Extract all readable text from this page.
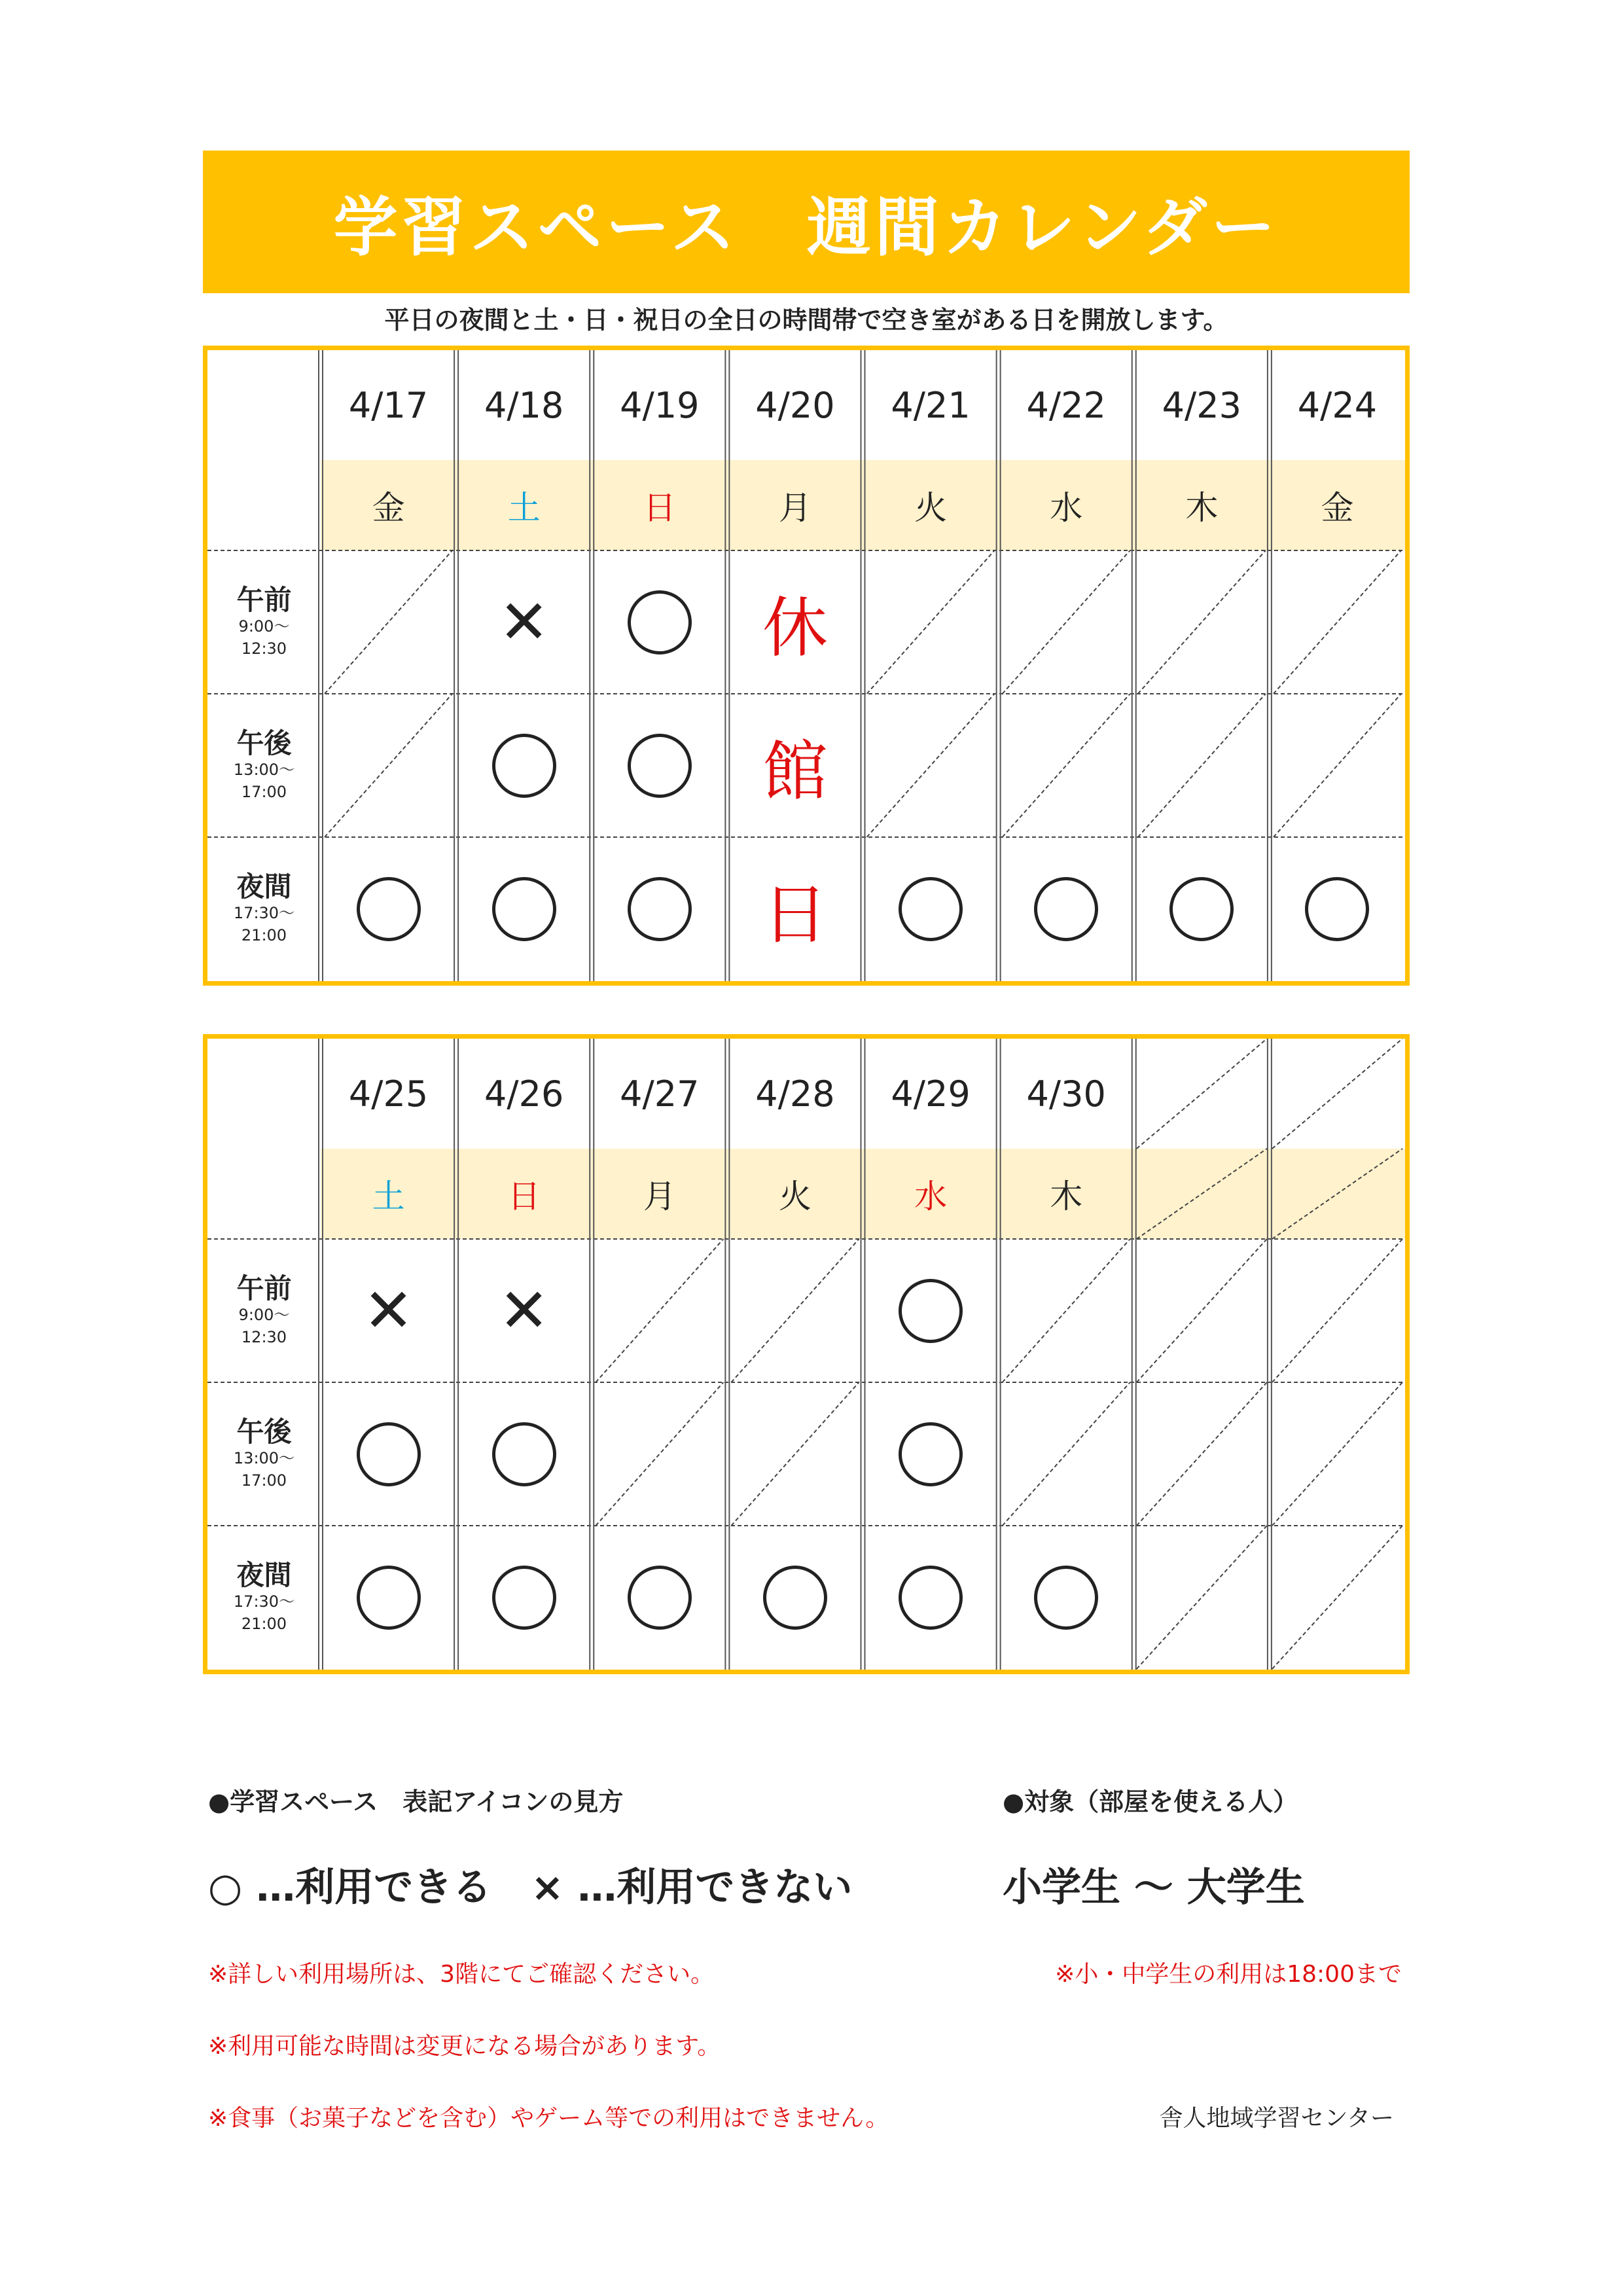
学習スペース　週間カレンダー
平日の夜間と土・日・祝日の全日の時間帯で空き室がある日を開放します。
午前
9:00～
12:30
午後
13:00～
17:00
夜間
17:30～
21:00
4/17
金
4/18
土
✕
4/19
日
4/20
月
休
館
日
4/21
火
4/22
水
4/23
木
4/24
金
午前
9:00～
12:30
午後
13:00～
17:00
夜間
17:30～
21:00
4/25
土
✕
4/26
日
✕
4/27
月
4/28
火
4/29
水
4/30
木
●学習スペース　表記アイコンの見方
○ …利用できる　× …利用できない
●対象（部屋を使える人）
小学生 ～ 大学生
※詳しい利用場所は、3階にてご確認ください。	※小・中学生の利用は18:00まで
※利用可能な時間は変更になる場合があります。
※食事（お菓子などを含む）やゲーム等での利用はできません。	舎人地域学習センター
